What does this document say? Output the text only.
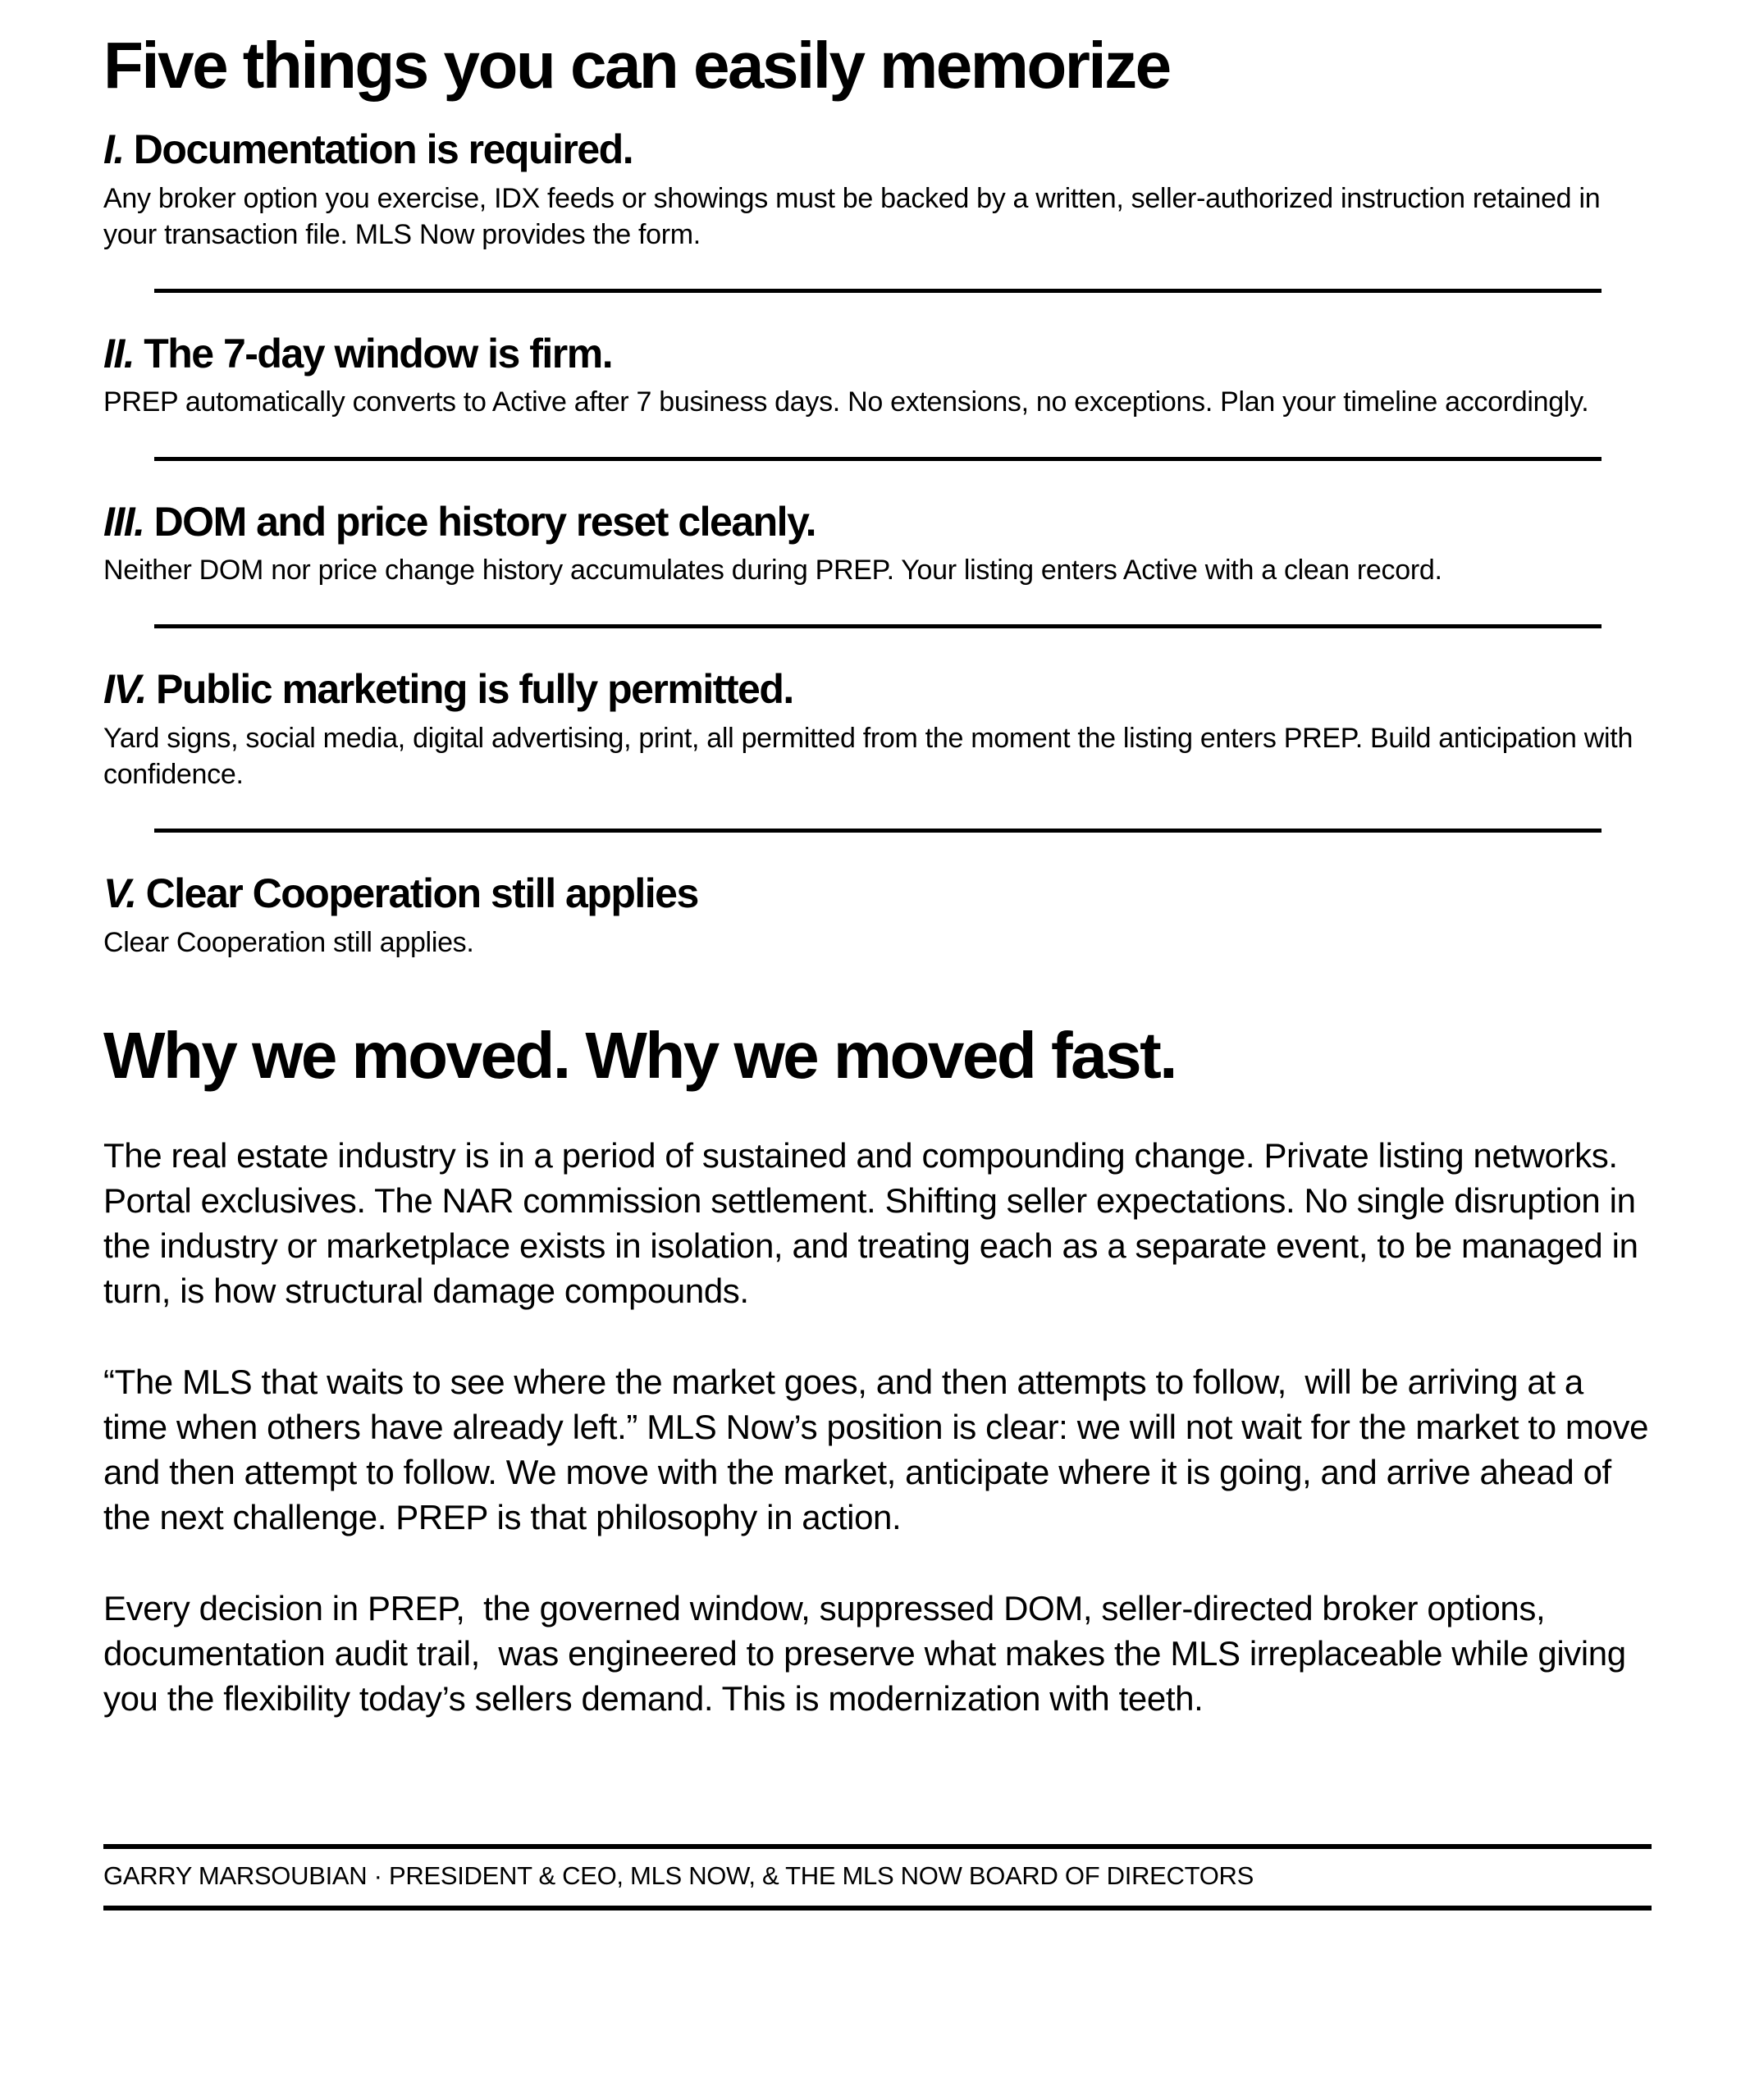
Five things you can easily memorize
I. Documentation is required.

Any broker option you exercise, IDX feeds or showings must be backed by a written, seller-authorized instruction retained in your transaction file. MLS Now provides the form.

II. The 7-day window is firm.

PREP automatically converts to Active after 7 business days. No extensions, no exceptions. Plan your timeline accordingly.

III. DOM and price history reset cleanly.

Neither DOM nor price change history accumulates during PREP. Your listing enters Active with a clean record.

IV. Public marketing is fully permitted.

Yard signs, social media, digital advertising, print, all permitted from the moment the listing enters PREP. Build anticipation with confidence.

V. Clear Cooperation still applies

Clear Cooperation still applies.

Why we moved. Why we moved fast.

The real estate industry is in a period of sustained and compounding change. Private listing networks. Portal exclusives. The NAR commission settlement. Shifting seller expectations. No single disruption in the industry or marketplace exists in isolation, and treating each as a separate event, to be managed in turn, is how structural damage compounds.

“The MLS that waits to see where the market goes, and then attempts to follow,  will be arriving at a time when others have already left.” MLS Now’s position is clear: we will not wait for the market to move and then attempt to follow. We move with the market, anticipate where it is going, and arrive ahead of the next challenge. PREP is that philosophy in action.

Every decision in PREP,  the governed window, suppressed DOM, seller-directed broker options, documentation audit trail,  was engineered to preserve what makes the MLS irreplaceable while giving you the flexibility today’s sellers demand. This is modernization with teeth.

GARRY MARSOUBIAN · PRESIDENT & CEO, MLS NOW, & THE MLS NOW BOARD OF DIRECTORS
